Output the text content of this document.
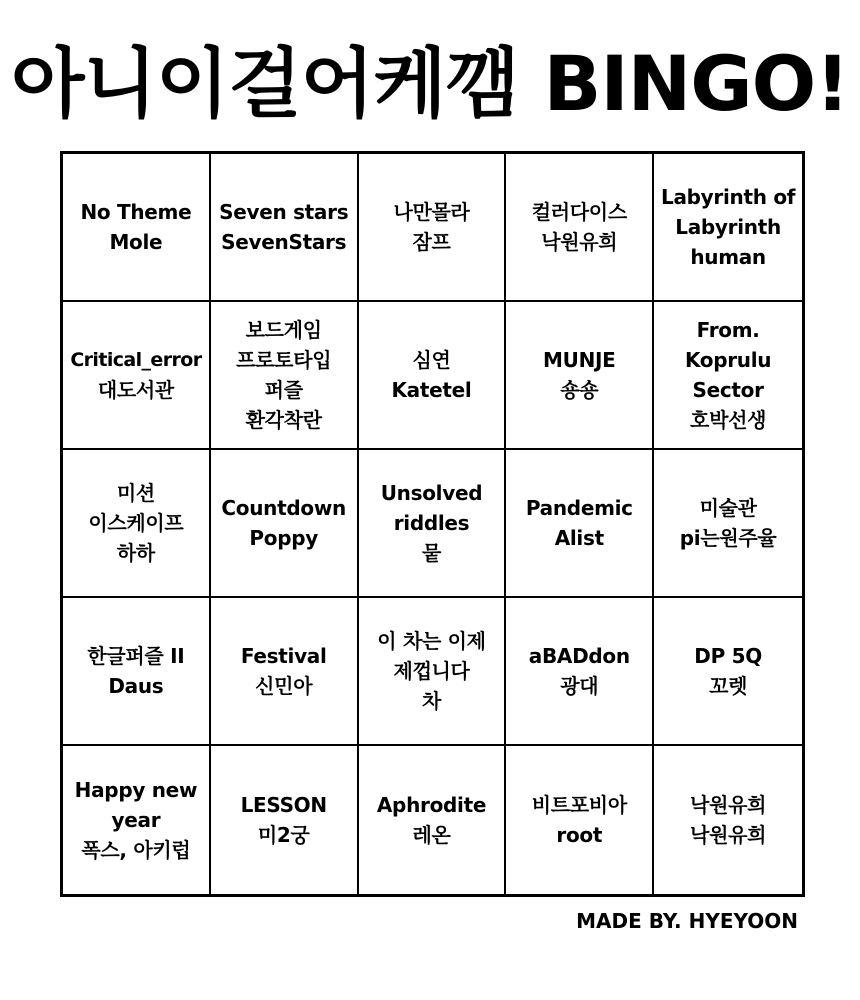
아니이걸어케깸 BINGO!
No Theme
Mole
Seven stars
SevenStars
나만몰라
잠프
컬러다이스
낙원유희
Labyrinth of
Labyrinth
human
Critical_error
대도서관
보드게임
프로토타입
퍼즐
환각착란
심연
Katetel
MUNJE
숑숑
From.
Koprulu
Sector
호박선생
미션
이스케이프
하하
Countdown
Poppy
Unsolved
riddles
뭍
Pandemic
Alist
미술관
pi는원주율
한글퍼즐 II
Daus
Festival
신민아
이 차는 이제
제껍니다
차
aBADdon
광대
DP 5Q
꼬렛
Happy new
year
폭스, 아키럽
LESSON
미2궁
Aphrodite
레온
비트포비아
root
낙원유희
낙원유희
MADE BY. HYEYOON
